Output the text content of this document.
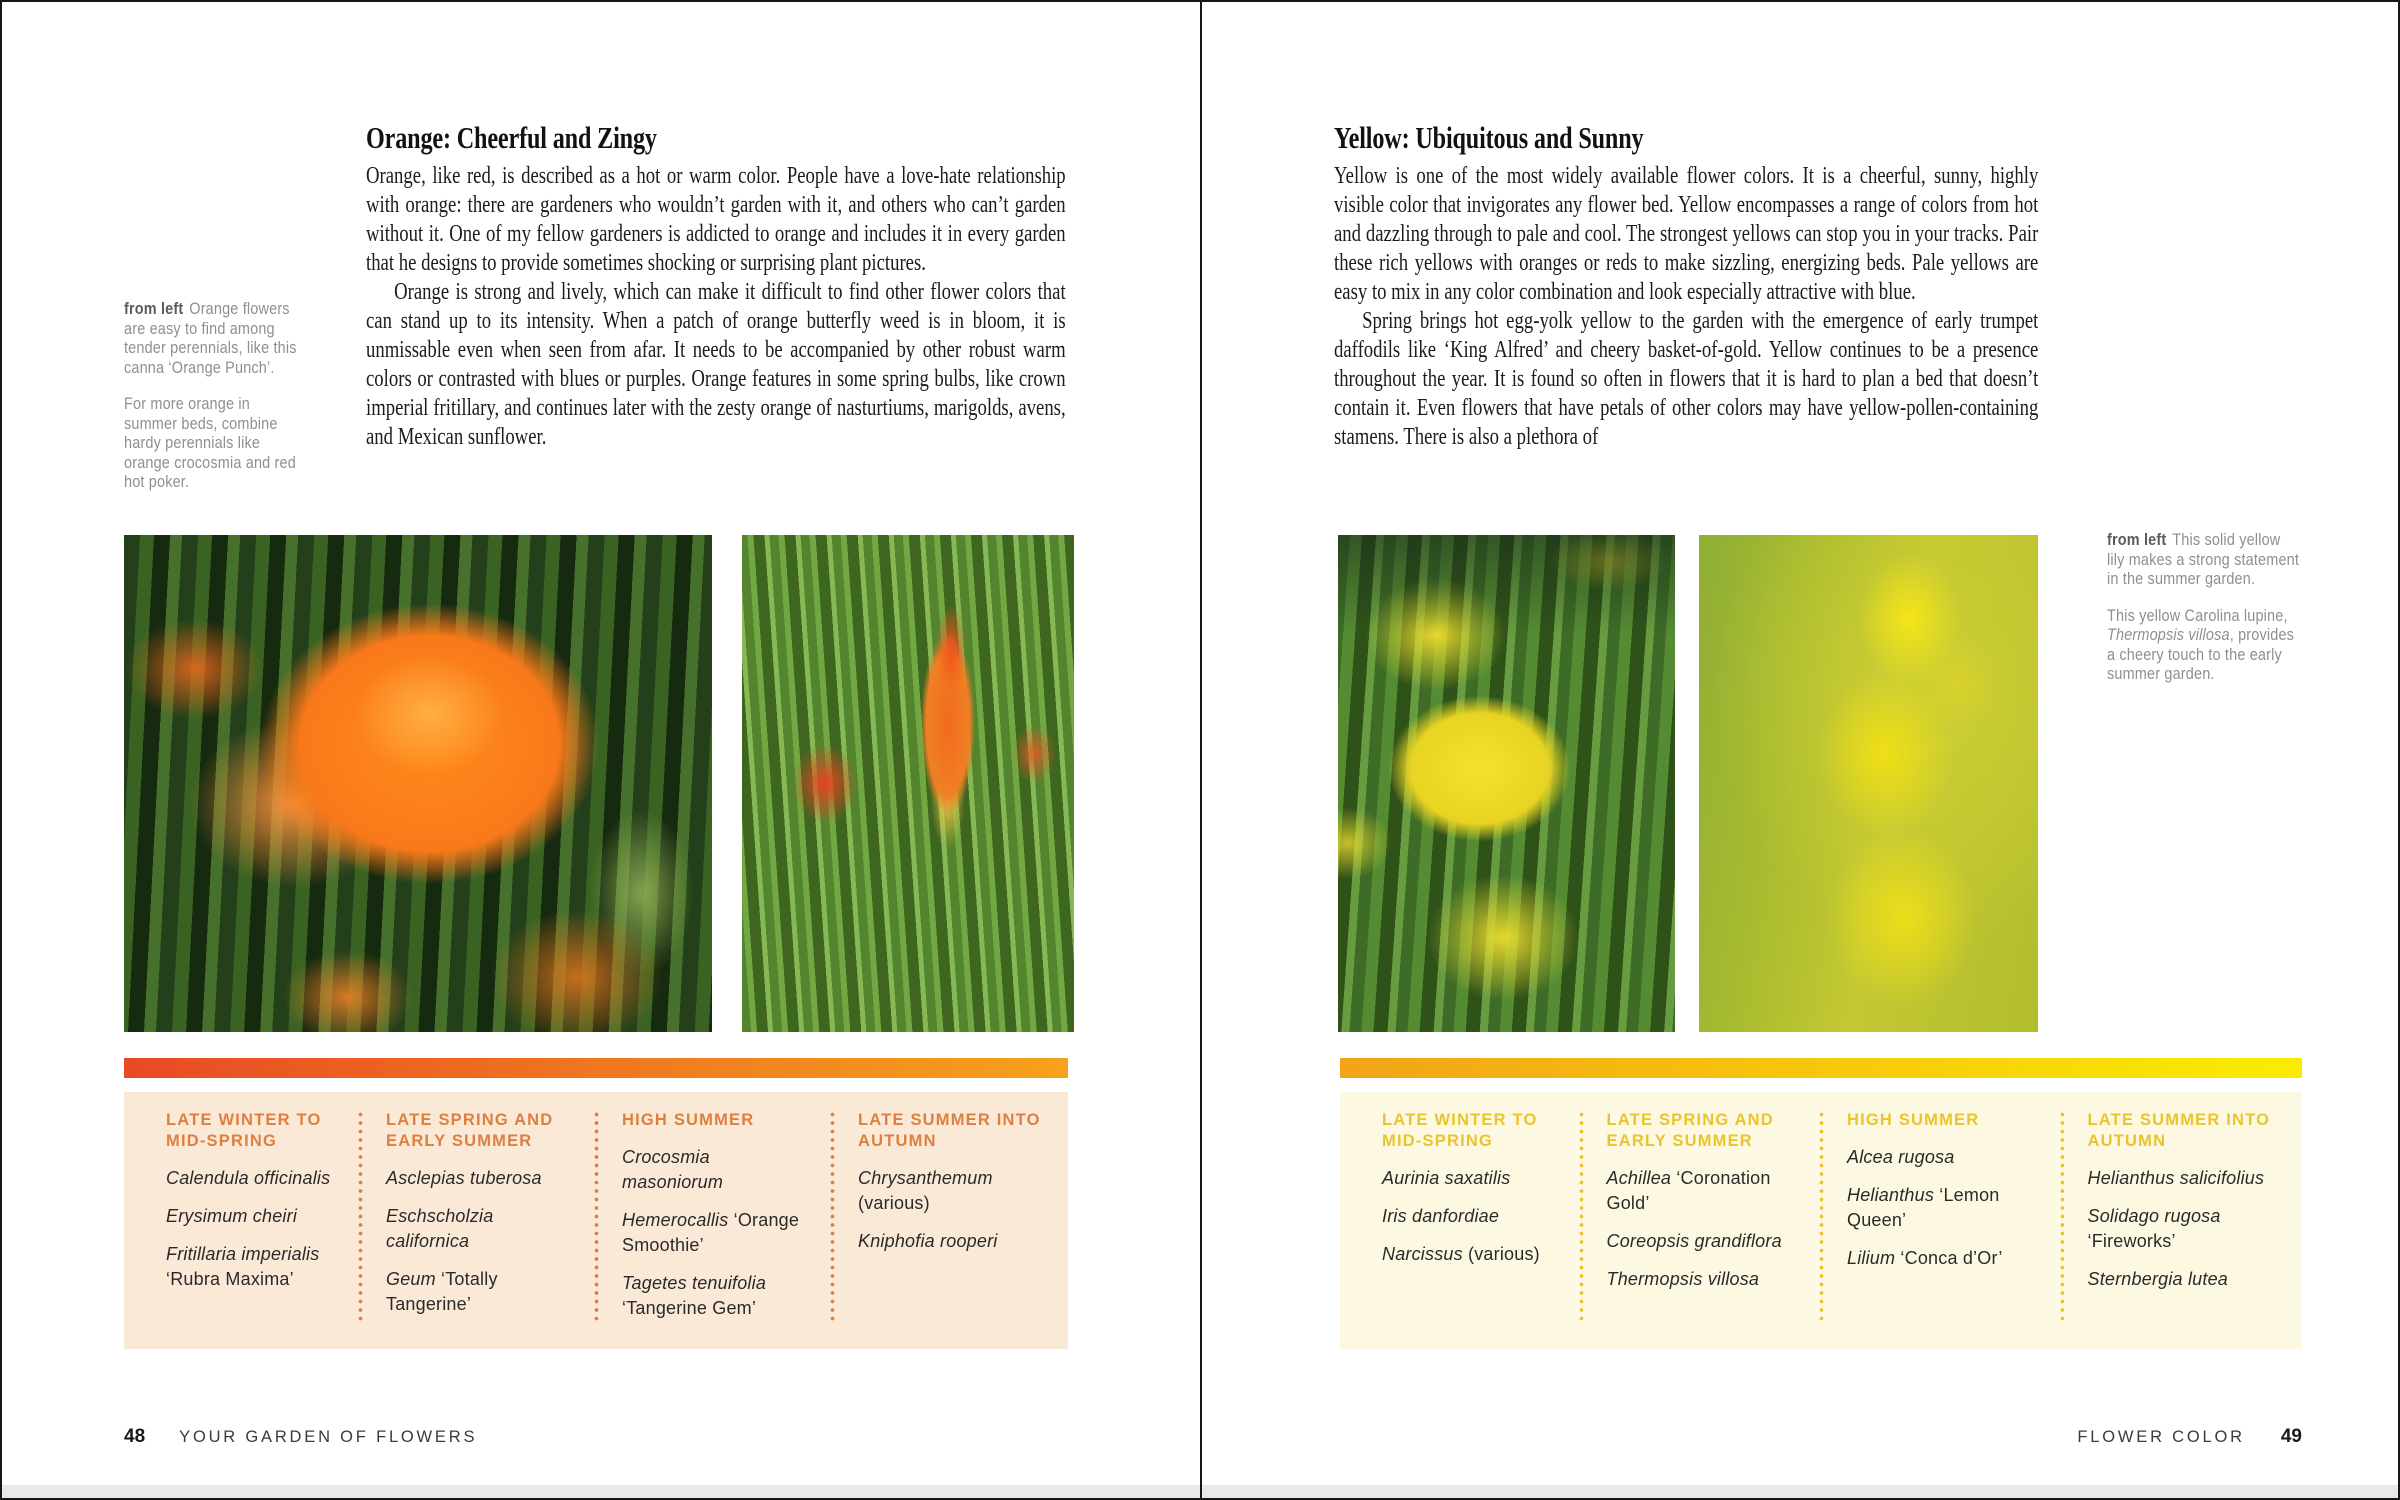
from left Orange flowers are easy to find among tender perennials, like this canna ‘Orange Punch’.

For more orange in summer beds, combine hardy perennials like orange crocosmia and red hot poker.

Orange: Cheerful and Zingy

Orange, like red, is described as a hot or warm color. People have a love-hate relationship with orange: there are gardeners who wouldn’t garden with it, and others who can’t garden without it. One of my fellow gardeners is addicted to orange and includes it in every garden that he designs to provide sometimes shocking or surprising plant pictures.

Orange is strong and lively, which can make it difficult to find other flower colors that can stand up to its intensity. When a patch of orange butterfly weed is in bloom, it is unmissable even when seen from afar. It needs to be accompanied by other robust warm colors or contrasted with blues or purples. Orange features in some spring bulbs, like crown imperial fritillary, and continues later with the zesty orange of nasturtiums, marigolds, avens, and Mexican sunflower.

LATE WINTER TO MID-SPRING

Calendula officinalis

Erysimum cheiri

Fritillaria imperialis ‘Rubra Maxima’

LATE SPRING AND EARLY SUMMER

Asclepias tuberosa

Eschscholzia californica

Geum ‘Totally Tangerine’

HIGH SUMMER

Crocosmia masoniorum

Hemerocallis ‘Orange Smoothie’

Tagetes tenuifolia ‘Tangerine Gem’

LATE SUMMER INTO AUTUMN

Chrysanthemum (various)

Kniphofia rooperi

48 YOUR GARDEN OF FLOWERS
Yellow: Ubiquitous and Sunny

Yellow is one of the most widely available flower colors. It is a cheerful, sunny, highly visible color that invigorates any flower bed. Yellow encompasses a range of colors from hot and dazzling through to pale and cool. The strongest yellows can stop you in your tracks. Pair these rich yellows with oranges or reds to make sizzling, energizing beds. Pale yellows are easy to mix in any color combination and look especially attractive with blue.

Spring brings hot egg-yolk yellow to the garden with the emergence of early trumpet daffodils like ‘King Alfred’ and cheery basket-of-gold. Yellow continues to be a presence throughout the year. It is found so often in flowers that it is hard to plan a bed that doesn’t contain it. Even flowers that have petals of other colors may have yellow-pollen-containing stamens. There is also a plethora of

from left This solid yellow lily makes a strong statement in the summer garden.

This yellow Carolina lupine, Thermopsis villosa, provides a cheery touch to the early summer garden.

LATE WINTER TO MID-SPRING

Aurinia saxatilis

Iris danfordiae

Narcissus (various)

LATE SPRING AND EARLY SUMMER

Achillea ‘Coronation Gold’

Coreopsis grandiflora

Thermopsis villosa

HIGH SUMMER

Alcea rugosa

Helianthus ‘Lemon Queen’

Lilium ‘Conca d’Or’

LATE SUMMER INTO AUTUMN

Helianthus salicifolius

Solidago rugosa ‘Fireworks’

Sternbergia lutea

FLOWER COLOR 49
